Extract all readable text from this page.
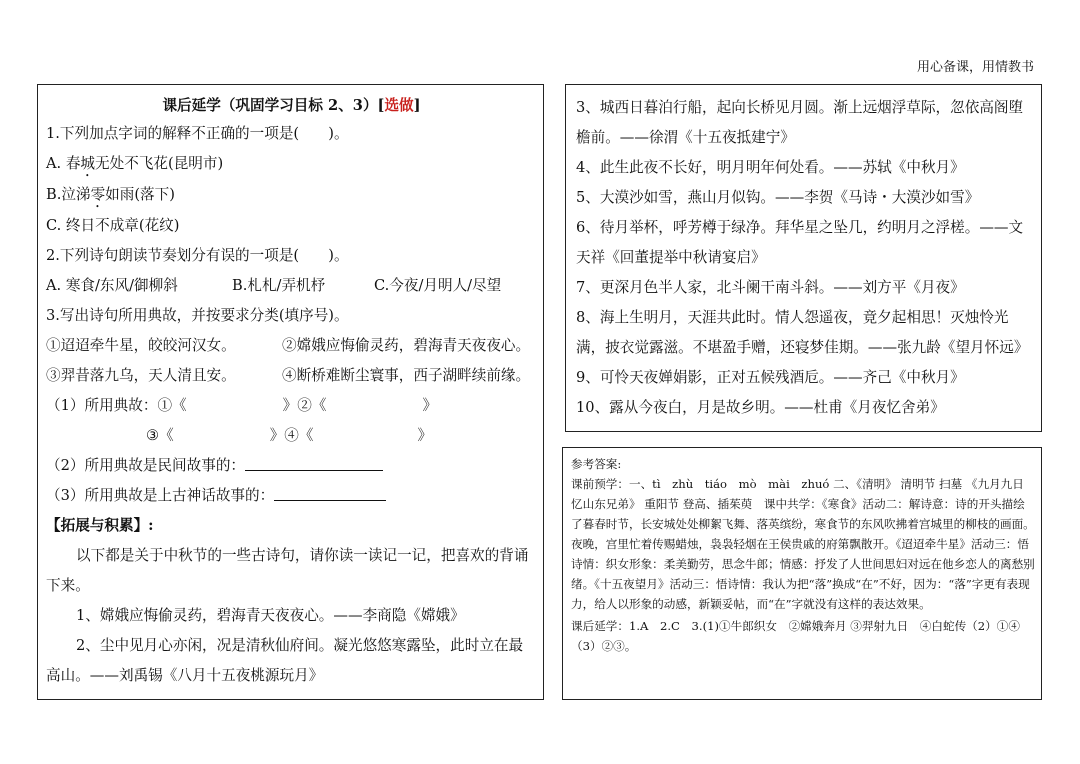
用心备课，用情教书
课后延学（巩固学习目标 2、3）[选做]
1.下列加点字词的解释不正确的一项是(　　)。
A. 春城无处不飞花(昆明市)
B.泣涕零如雨(落下)
C. 终日不成章(花纹)
2.下列诗句朗读节奏划分有误的一项是(　　)。
A. 寒食/东风/御柳斜	B.札札/弄机杼	C.今夜/月明人/尽望
3.写出诗句所用典故，并按要求分类(填序号)。
①迢迢牵牛星，皎皎河汉女。	②嫦娥应悔偷灵药，碧海青天夜夜心。
③羿昔落九乌，天人清且安。	④断桥难断尘寰事，西子湖畔续前缘。
（1）所用典故：①《	》②《	》
③《	》④《	》
（2）所用典故是民间故事的：
（3）所用典故是上古神话故事的：
【拓展与积累】:
以下都是关于中秋节的一些古诗句，请你读一读记一记，把喜欢的背诵下来。
1、嫦娥应悔偷灵药，碧海青天夜夜心。——李商隐《嫦娥》
2、尘中见月心亦闲，况是清秋仙府间。凝光悠悠寒露坠，此时立在最高山。——刘禹锡《八月十五夜桃源玩月》
3、城西日暮泊行船，起向长桥见月圆。渐上远烟浮草际，忽依高阁堕檐前。——徐渭《十五夜抵建宁》
4、此生此夜不长好，明月明年何处看。——苏轼《中秋月》
5、大漠沙如雪，燕山月似钩。——李贺《马诗・大漠沙如雪》
6、待月举杯，呼芳樽于绿净。拜华星之坠几，约明月之浮槎。——文天祥《回董提举中秋请宴启》
7、更深月色半人家，北斗阑干南斗斜。——刘方平《月夜》
8、海上生明月，天涯共此时。情人怨遥夜，竟夕起相思！灭烛怜光满，披衣觉露滋。不堪盈手赠，还寝梦佳期。——张九龄《望月怀远》
9、可怜天夜婵娟影，正对五候残酒卮。——齐己《中秋月》
10、露从今夜白，月是故乡明。——杜甫《月夜忆舍弟》
参考答案:
课前预学：一、tì　zhù　tiáo　mò　mài　zhuó 二、《清明》 清明节 扫墓 《九月九日忆山东兄弟》 重阳节 登高、插茱萸　课中共学：《寒食》活动二：解诗意：诗的开头描绘了暮春时节，长安城处处柳絮飞舞、落英缤纷，寒食节的东风吹拂着宫城里的柳枝的画面。　夜晚，宫里忙着传赐蜡烛，袅袅轻烟在王侯贵戚的府第飘散开。《迢迢牵牛星》活动三：悟诗情：织女形象：柔美勤劳，思念牛郎；情感：抒发了人世间思妇对远在他乡恋人的离愁别绪。《十五夜望月》活动三：悟诗情：我认为把“落”换成“在”不好，因为：“落”字更有表现力，给人以形象的动感，新颖妥帖，而“在”字就没有这样的表达效果。
课后延学：1.A　2.C　3.(1)①牛郎织女　②嫦娥奔月 ③羿射九日　④白蛇传（2）①④（3）②③。
